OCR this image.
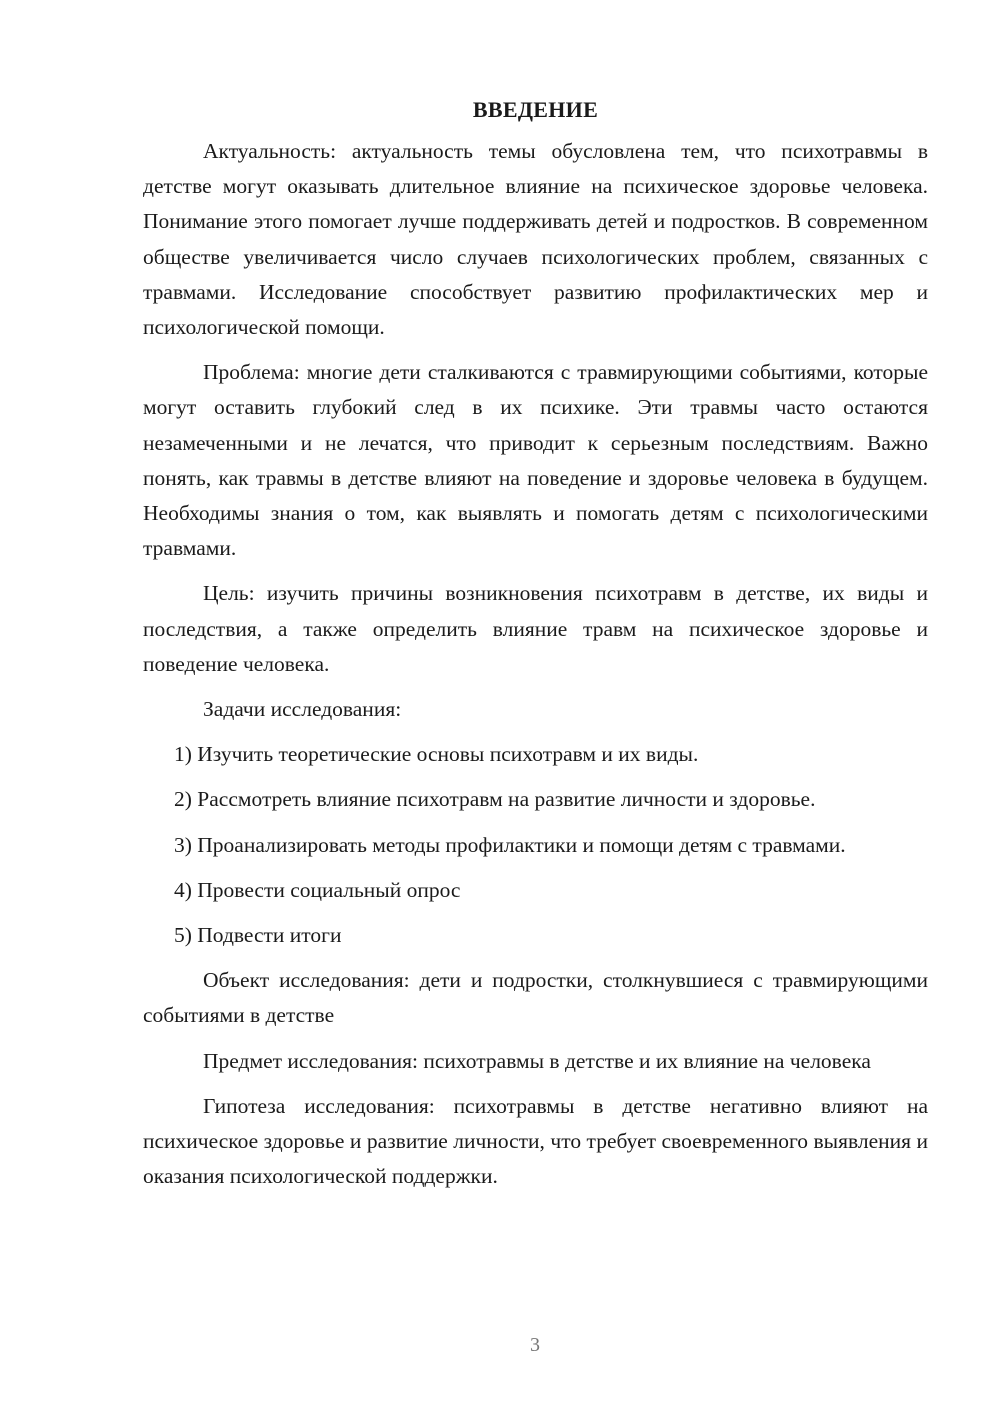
ВВЕДЕНИЕ

Актуальность: актуальность темы обусловлена тем, что психотравмы в детстве могут оказывать длительное влияние на психическое здоровье человека. Понимание этого помогает лучше поддерживать детей и подростков. В современном обществе увеличивается число случаев психологических проблем, связанных с травмами. Исследование способствует развитию профилактических мер и психологической помощи.

Проблема: многие дети сталкиваются с травмирующими событиями, которые могут оставить глубокий след в их психике. Эти травмы часто остаются незамеченными и не лечатся, что приводит к серьезным последствиям. Важно понять, как травмы в детстве влияют на поведение и здоровье человека в будущем. Необходимы знания о том, как выявлять и помогать детям с психологическими травмами.

Цель: изучить причины возникновения психотравм в детстве, их виды и последствия, а также определить влияние травм на психическое здоровье и поведение человека.

Задачи исследования:

1) Изучить теоретические основы психотравм и их виды.

2) Рассмотреть влияние психотравм на развитие личности и здоровье.

3) Проанализировать методы профилактики и помощи детям с травмами.

4) Провести социальный опрос

5) Подвести итоги

Объект исследования: дети и подростки, столкнувшиеся с травмирующими событиями в детстве

Предмет исследования: психотравмы в детстве и их влияние на человека

Гипотеза исследования: психотравмы в детстве негативно влияют на психическое здоровье и развитие личности, что требует своевременного выявления и оказания психологической поддержки.

3
